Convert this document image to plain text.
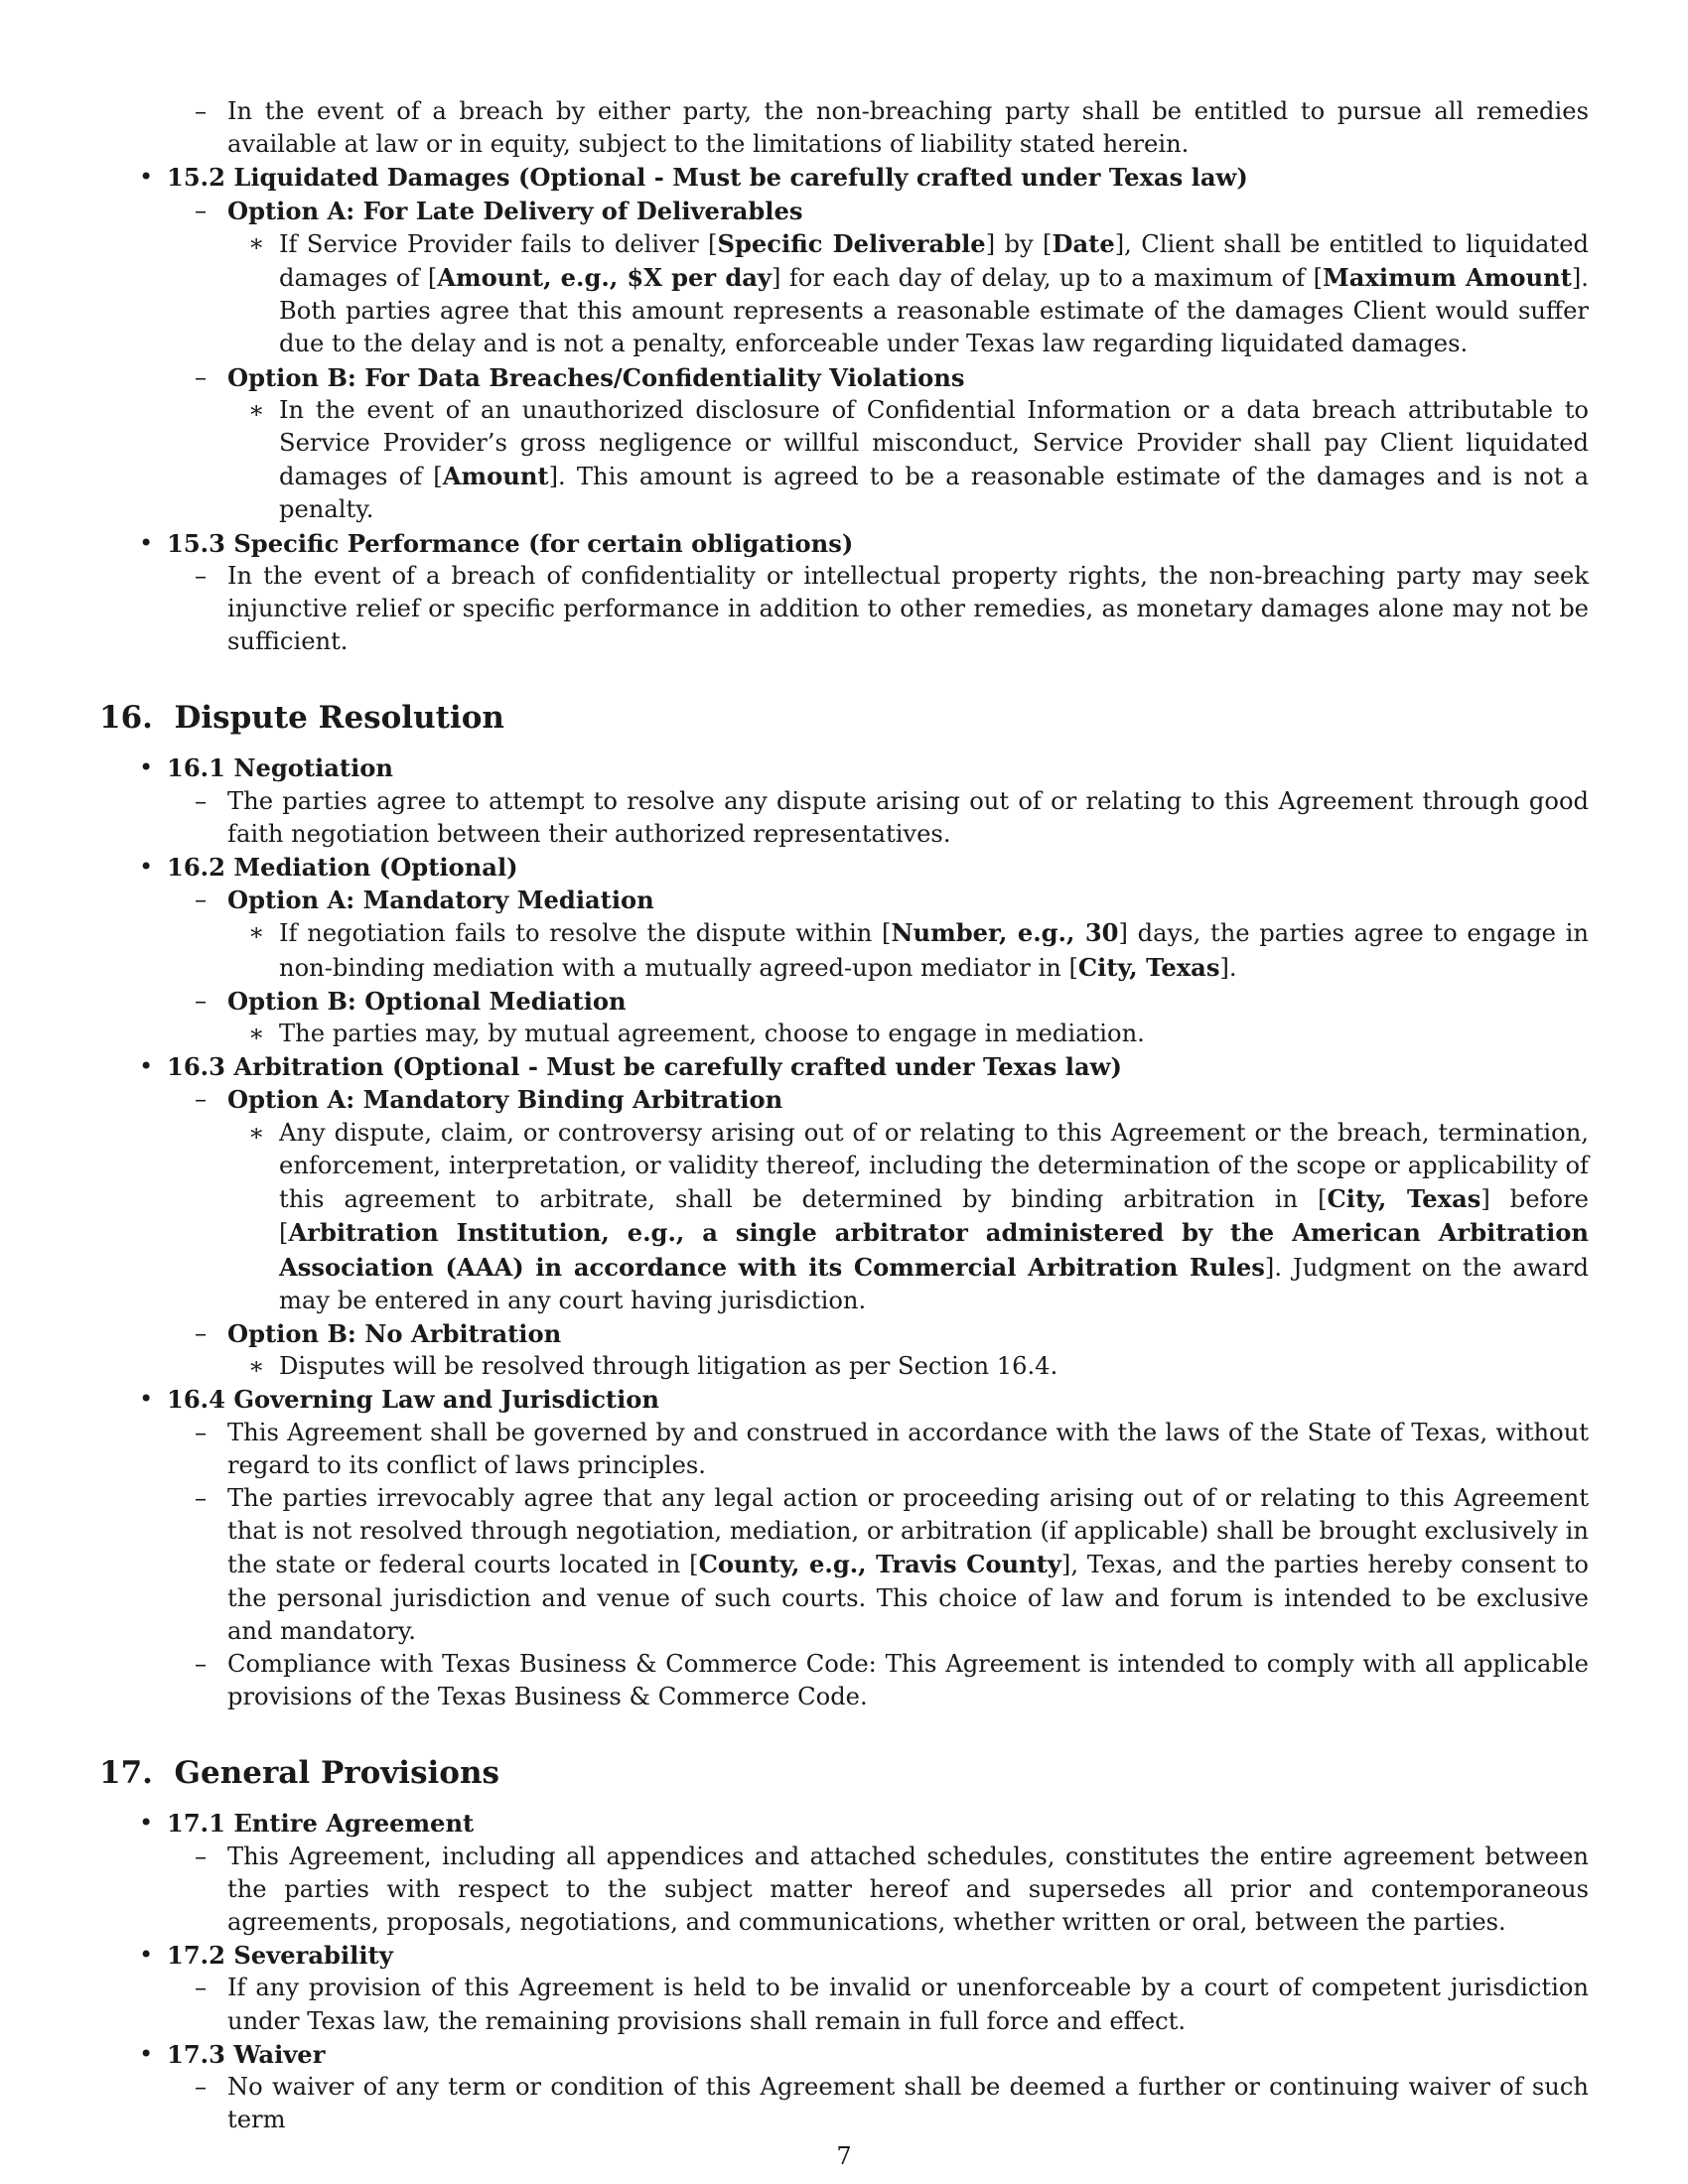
– In the event of a breach by either party, the non-breaching party shall be entitled to pursue all remedies available at law or in equity, subject to the limitations of liability stated herein.
• 15.2 Liquidated Damages (Optional - Must be carefully crafted under Texas law)
– Option A: For Late Delivery of Deliverables
∗ If Service Provider fails to deliver [Specific Deliverable] by [Date], Client shall be entitled to liquidated damages of [Amount, e.g., $X per day] for each day of delay, up to a maximum of [Maximum Amount]. Both parties agree that this amount represents a reasonable estimate of the damages Client would suffer due to the delay and is not a penalty, enforceable under Texas law regarding liquidated damages.
– Option B: For Data Breaches/Confidentiality Violations
∗ In the event of an unauthorized disclosure of Confidential Information or a data breach attributable to Service Provider’s gross negligence or willful misconduct, Service Provider shall pay Client liquidated damages of [Amount]. This amount is agreed to be a reasonable estimate of the damages and is not a penalty.
• 15.3 Specific Performance (for certain obligations)
– In the event of a breach of confidentiality or intellectual property rights, the non-breaching party may seek injunctive relief or specific performance in addition to other remedies, as monetary damages alone may not be sufficient.
16.  Dispute Resolution
• 16.1 Negotiation
– The parties agree to attempt to resolve any dispute arising out of or relating to this Agreement through good faith negotiation between their authorized representatives.
• 16.2 Mediation (Optional)
– Option A: Mandatory Mediation
∗ If negotiation fails to resolve the dispute within [Number, e.g., 30] days, the parties agree to engage in non-binding mediation with a mutually agreed-upon mediator in [City, Texas].
– Option B: Optional Mediation
∗ The parties may, by mutual agreement, choose to engage in mediation.
• 16.3 Arbitration (Optional - Must be carefully crafted under Texas law)
– Option A: Mandatory Binding Arbitration
∗ Any dispute, claim, or controversy arising out of or relating to this Agreement or the breach, termination, enforcement, interpretation, or validity thereof, including the determination of the scope or applicability of this agreement to arbitrate, shall be determined by binding arbitration in [City, Texas] before [Arbitration Institution, e.g., a single arbitrator administered by the American Arbitration Association (AAA) in accordance with its Commercial Arbitration Rules]. Judgment on the award may be entered in any court having jurisdiction.
– Option B: No Arbitration
∗ Disputes will be resolved through litigation as per Section 16.4.
• 16.4 Governing Law and Jurisdiction
– This Agreement shall be governed by and construed in accordance with the laws of the State of Texas, without regard to its conflict of laws principles.
– The parties irrevocably agree that any legal action or proceeding arising out of or relating to this Agreement that is not resolved through negotiation, mediation, or arbitration (if applicable) shall be brought exclusively in the state or federal courts located in [County, e.g., Travis County], Texas, and the parties hereby consent to the personal jurisdiction and venue of such courts. This choice of law and forum is intended to be exclusive and mandatory.
– Compliance with Texas Business & Commerce Code: This Agreement is intended to comply with all applicable provisions of the Texas Business & Commerce Code.
17.  General Provisions
• 17.1 Entire Agreement
– This Agreement, including all appendices and attached schedules, constitutes the entire agreement between the parties with respect to the subject matter hereof and supersedes all prior and contemporaneous agreements, proposals, negotiations, and communications, whether written or oral, between the parties.
• 17.2 Severability
– If any provision of this Agreement is held to be invalid or unenforceable by a court of competent jurisdiction under Texas law, the remaining provisions shall remain in full force and effect.
• 17.3 Waiver
– No waiver of any term or condition of this Agreement shall be deemed a further or continuing waiver of such term
7
